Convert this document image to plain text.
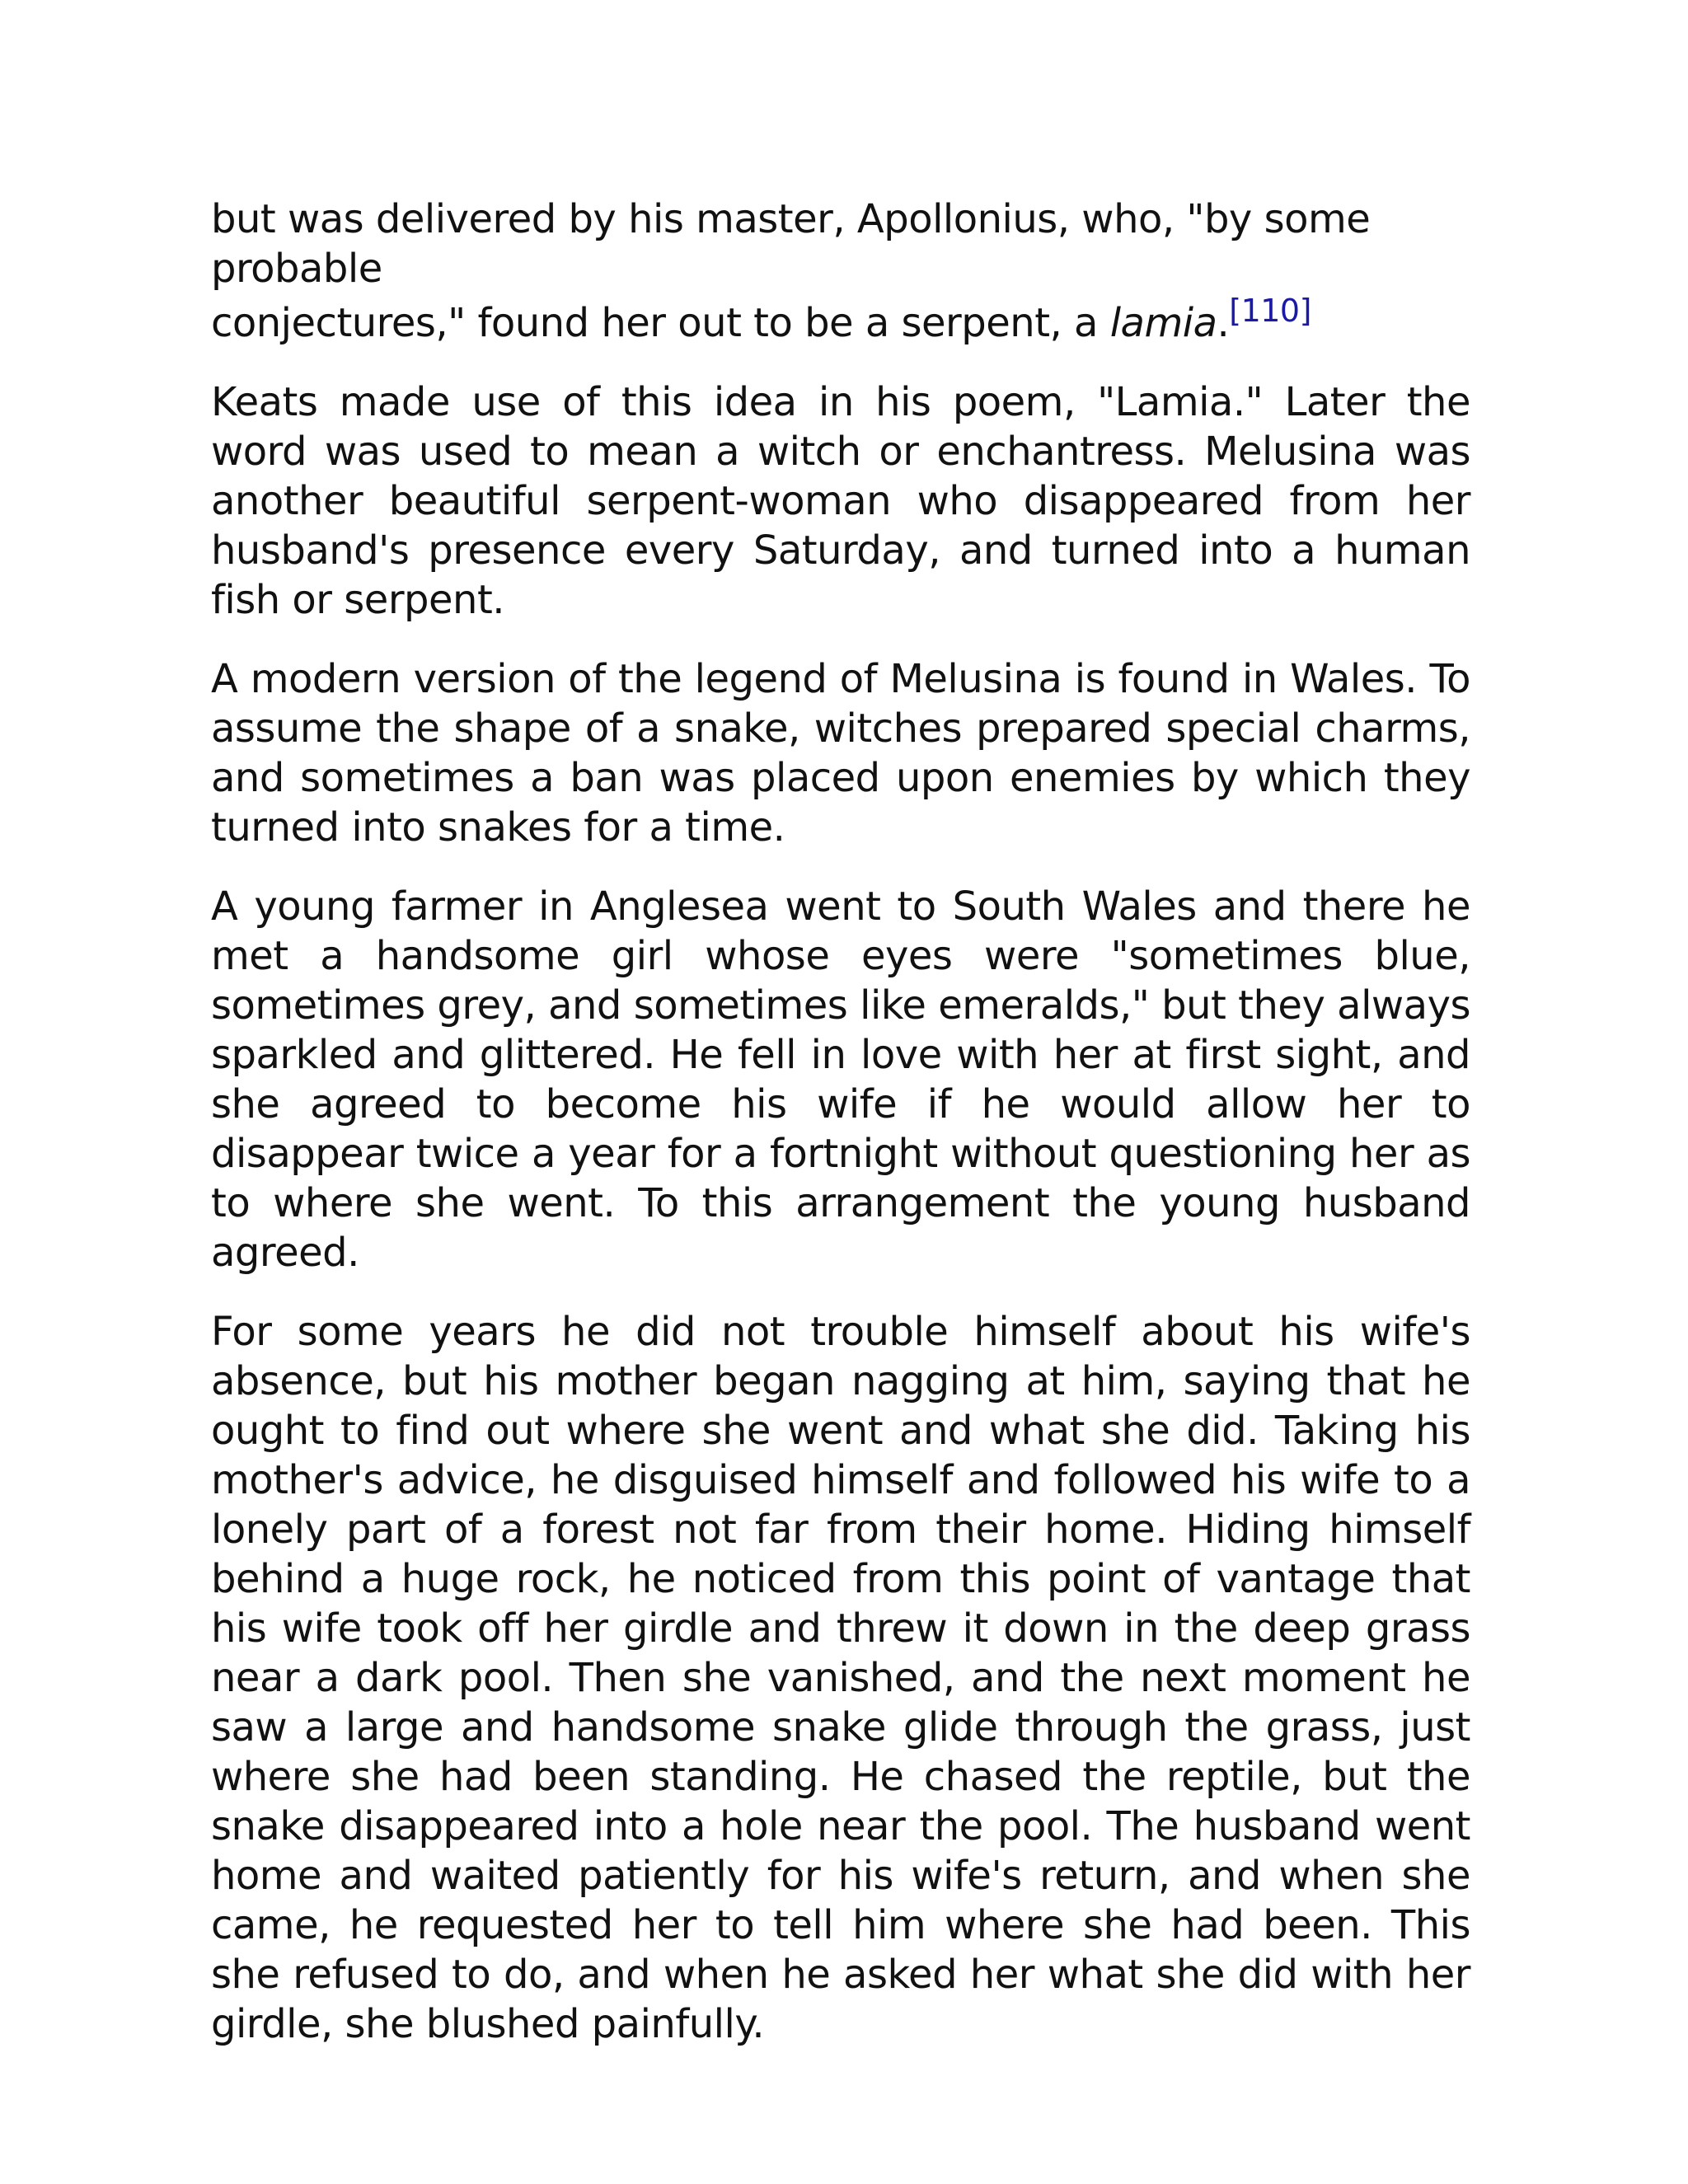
but was delivered by his master, Apollonius, who, "by some probable
conjectures," found her out to be a serpent, a lamia.[110]

Keats made use of this idea in his poem, "Lamia." Later the word was used to mean a witch or enchantress. Melusina was another beautiful serpent-woman who disappeared from her husband's presence every Saturday, and turned into a human fish or serpent.

A modern version of the legend of Melusina is found in Wales. To assume the shape of a snake, witches prepared special charms, and sometimes a ban was placed upon enemies by which they turned into snakes for a time.

A young farmer in Anglesea went to South Wales and there he met a handsome girl whose eyes were "sometimes blue, sometimes grey, and sometimes like emeralds," but they always sparkled and glittered. He fell in love with her at first sight, and she agreed to become his wife if he would allow her to disappear twice a year for a fortnight without questioning her as to where she went. To this arrangement the young husband agreed.

For some years he did not trouble himself about his wife's absence, but his mother began nagging at him, saying that he ought to find out where she went and what she did. Taking his mother's advice, he disguised himself and followed his wife to a lonely part of a forest not far from their home. Hiding himself behind a huge rock, he noticed from this point of vantage that his wife took off her girdle and threw it down in the deep grass near a dark pool. Then she vanished, and the next moment he saw a large and handsome snake glide through the grass, just where she had been standing. He chased the reptile, but the snake disappeared into a hole near the pool. The husband went home and waited patiently for his wife's return, and when she came, he requested her to tell him where she had been. This she refused to do, and when he asked her what she did with her girdle, she blushed painfully.
